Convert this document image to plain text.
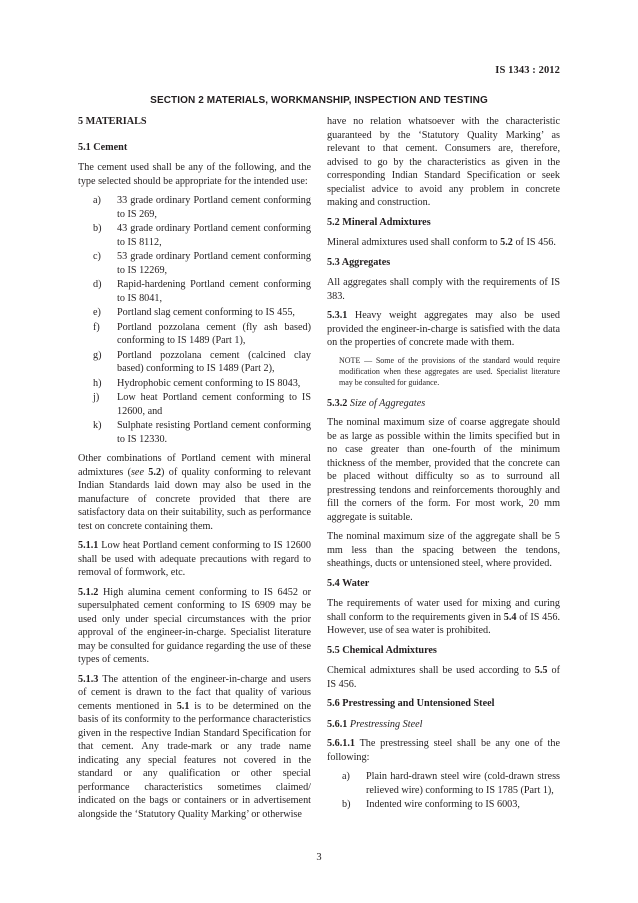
IS 1343 : 2012
SECTION 2 MATERIALS, WORKMANSHIP, INSPECTION AND TESTING

5 MATERIALS

5.1 Cement

The cement used shall be any of the following, and the type selected should be appropriate for the intended use:

a)	33 grade ordinary Portland cement conforming to IS 269,
b)	43 grade ordinary Portland cement conforming to IS 8112,
c)	53 grade ordinary Portland cement conforming to IS 12269,
d)	Rapid-hardening Portland cement conforming to IS 8041,
e)	Portland slag cement conforming to IS 455,
f)	Portland pozzolana cement (fly ash based) conforming to IS 1489 (Part 1),
g)	Portland pozzolana cement (calcined clay based) conforming to IS 1489 (Part 2),
h)	Hydrophobic cement conforming to IS 8043,
j)	Low heat Portland cement conforming to IS 12600, and
k)	Sulphate resisting Portland cement conforming to IS 12330.

Other combinations of Portland cement with mineral admixtures (see 5.2) of quality conforming to relevant Indian Standards laid down may also be used in the manufacture of concrete provided that there are satisfactory data on their suitability, such as performance test on concrete containing them.

5.1.1 Low heat Portland cement conforming to IS 12600 shall be used with adequate precautions with regard to removal of formwork, etc.

5.1.2 High alumina cement conforming to IS 6452 or supersulphated cement conforming to IS 6909 may be used only under special circumstances with the prior approval of the engineer-in-charge. Specialist literature may be consulted for guidance regarding the use of these types of cements.

5.1.3 The attention of the engineer-in-charge and users of cement is drawn to the fact that quality of various cements mentioned in 5.1 is to be determined on the basis of its conformity to the performance characteristics given in the respective Indian Standard Specification for that cement. Any trade-mark or any trade name indicating any special features not covered in the standard or any qualification or other special performance characteristics sometimes claimed/ indicated on the bags or containers or in advertisement alongside the ‘Statutory Quality Marking’ or otherwise

have no relation whatsoever with the characteristic guaranteed by the ‘Statutory Quality Marking’ as relevant to that cement. Consumers are, therefore, advised to go by the characteristics as given in the corresponding Indian Standard Specification or seek specialist advice to avoid any problem in concrete making and construction.

5.2 Mineral Admixtures

Mineral admixtures used shall conform to 5.2 of IS 456.

5.3 Aggregates

All aggregates shall comply with the requirements of IS 383.

5.3.1 Heavy weight aggregates may also be used provided the engineer-in-charge is satisfied with the data on the properties of concrete made with them.

NOTE — Some of the provisions of the standard would require modification when these aggregates are used. Specialist literature may be consulted for guidance.

5.3.2 Size of Aggregates

The nominal maximum size of coarse aggregate should be as large as possible within the limits specified but in no case greater than one-fourth of the minimum thickness of the member, provided that the concrete can be placed without difficulty so as to surround all prestressing tendons and reinforcements thoroughly and fill the corners of the form. For most work, 20 mm aggregate is suitable.

The nominal maximum size of the aggregate shall be 5 mm less than the spacing between the tendons, sheathings, ducts or untensioned steel, where provided.

5.4 Water

The requirements of water used for mixing and curing shall conform to the requirements given in 5.4 of IS 456. However, use of sea water is prohibited.

5.5 Chemical Admixtures

Chemical admixtures shall be used according to 5.5 of IS 456.

5.6 Prestressing and Untensioned Steel

5.6.1 Prestressing Steel

5.6.1.1 The prestressing steel shall be any one of the following:

a)	Plain hard-drawn steel wire (cold-drawn stress relieved wire) conforming to IS 1785 (Part 1),
b)	Indented wire conforming to IS 6003,
3
